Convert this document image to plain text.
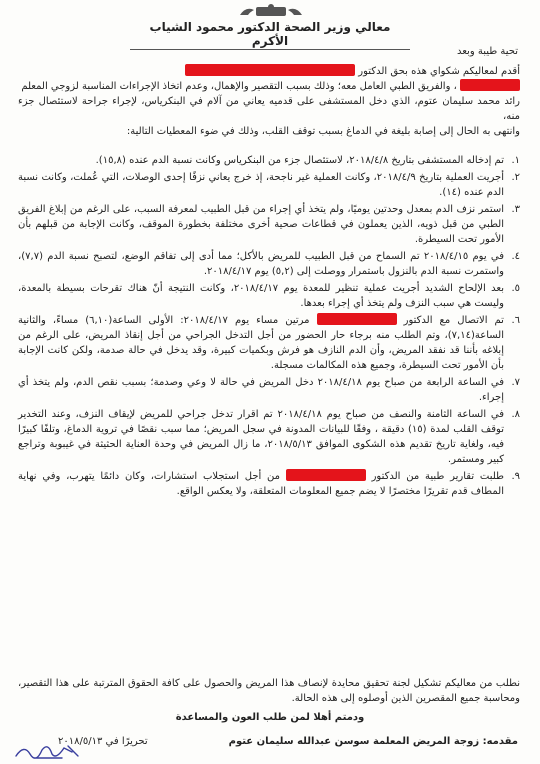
معالي وزير الصحة الدكتور محمود الشياب الأكرم
تحية طيبة وبعد
أقدم لمعاليكم شكواي هذه بحق الدكتور
، والفريق الطبي العامل معه؛ وذلك بسبب التقصير والإهمال، وعدم اتخاذ الإجراءات المناسبة لزوجي المعلم
رائد محمد سليمان عتوم، الذي دخل المستشفى على قدميه يعاني من آلام في البنكرياس، لإجراء جراحة لاستئصال جزء منه،
وانتهى به الحال إلى إصابة بليغة في الدماغ بسبب توقف القلب، وذلك في ضوء المعطيات التالية:
١.
تم إدخاله المستشفى بتاريخ ٢٠١٨/٤/٨، لاستئصال جزء من البنكرياس وكانت نسبة الدم عنده (١٥,٨).
٢.
أجريت العملية بتاريخ ٢٠١٨/٤/٩، وكانت العملية غير ناجحة، إذ خرج يعاني نزفًا إحدى الوصلات، التي عُملت، وكانت نسبة الدم عنده (١٤).
٣.
استمر نزف الدم بمعدل وحدتين يوميًا، ولم يتخذ أي إجراء من قبل الطبيب لمعرفة السبب، على الرغم من إبلاغ الفريق الطبي من قبل ذويه، الذين يعملون في قطاعات صحية أخرى مختلفة بخطورة الموقف، وكانت الإجابة من قبلهم بأن الأمور تحت السيطرة.
٤.
في يوم ٢٠١٨/٤/١٥ تم السماح من قبل الطبيب للمريض بالأكل؛ مما أدى إلى تفاقم الوضع، لتصبح نسبة الدم (٧,٧)، واستمرت نسبة الدم بالنزول باستمرار ووصلت إلى (٥,٢) يوم ٢٠١٨/٤/١٧.
٥.
بعد الإلحاح الشديد أجريت عملية تنظير للمعدة يوم ٢٠١٨/٤/١٧، وكانت النتيجة أنّ هناك تقرحات بسيطة بالمعدة، وليست هي سبب النزف ولم يتخذ أي إجراء بعدها.
٦.
تم الاتصال مع الدكتور  مرتين مساء يوم ٢٠١٨/٤/١٧: الأولى الساعة(٦,١٠) مساءً، والثانية الساعة(٧,١٤)، وتم الطلب منه برجاء حار الحضور من أجل التدخل الجراحي من أجل إنقاذ المريض، على الرغم من إبلاغه بأننا قد نفقد المريض، وأن الدم النازف هو فرش وبكميات كبيرة، وقد يدخل في حالة صدمة، ولكن كانت الإجابة بأن الأمور تحت السيطرة، وجميع هذه المكالمات مسجلة.
٧.
في الساعة الرابعة من صباح يوم ٢٠١٨/٤/١٨ دخل المريض في حالة لا وعي وصدمة؛ بسبب نقص الدم، ولم يتخذ أي إجراء.
٨.
في الساعة الثامنة والنصف من صباح يوم ٢٠١٨/٤/١٨ تم اقرار تدخل جراحي للمريض لإيقاف النزف، وعند التخدير توقف القلب لمدة (١٥) دقيقة ، وفقًا للبيانات المدونة في سجل المريض؛ مما سبب نقصًا في تروية الدماغ، وتلفًا كبيرًا فيه، ولغاية تاريخ تقديم هذه الشكوى الموافق ٢٠١٨/٥/١٣، ما زال المريض في وحدة العناية الحثيثة في غيبوبة وتراجع كبير ومستمر.
٩.
طلبت تقارير طبية من الدكتور  من أجل استجلاب استشارات، وكان دائمًا يتهرب، وفي نهاية المطاف قدم تقريرًا مختصرًا لا يضم جميع المعلومات المتعلقة، ولا يعكس الواقع.
نطلب من معاليكم تشكيل لجنة تحقيق محايدة لإنصاف هذا المريض والحصول على كافة الحقوق المترتبة على هذا التقصير، ومحاسبة جميع المقصرين الذين أوصلوه إلى هذه الحالة.
ودمتم أهلا لمن طلب العون والمساعدة
مقدمه: زوجة المريض المعلمة سوسن عبدالله سليمان عتوم
تحريرًا في ٢٠١٨/٥/١٣
